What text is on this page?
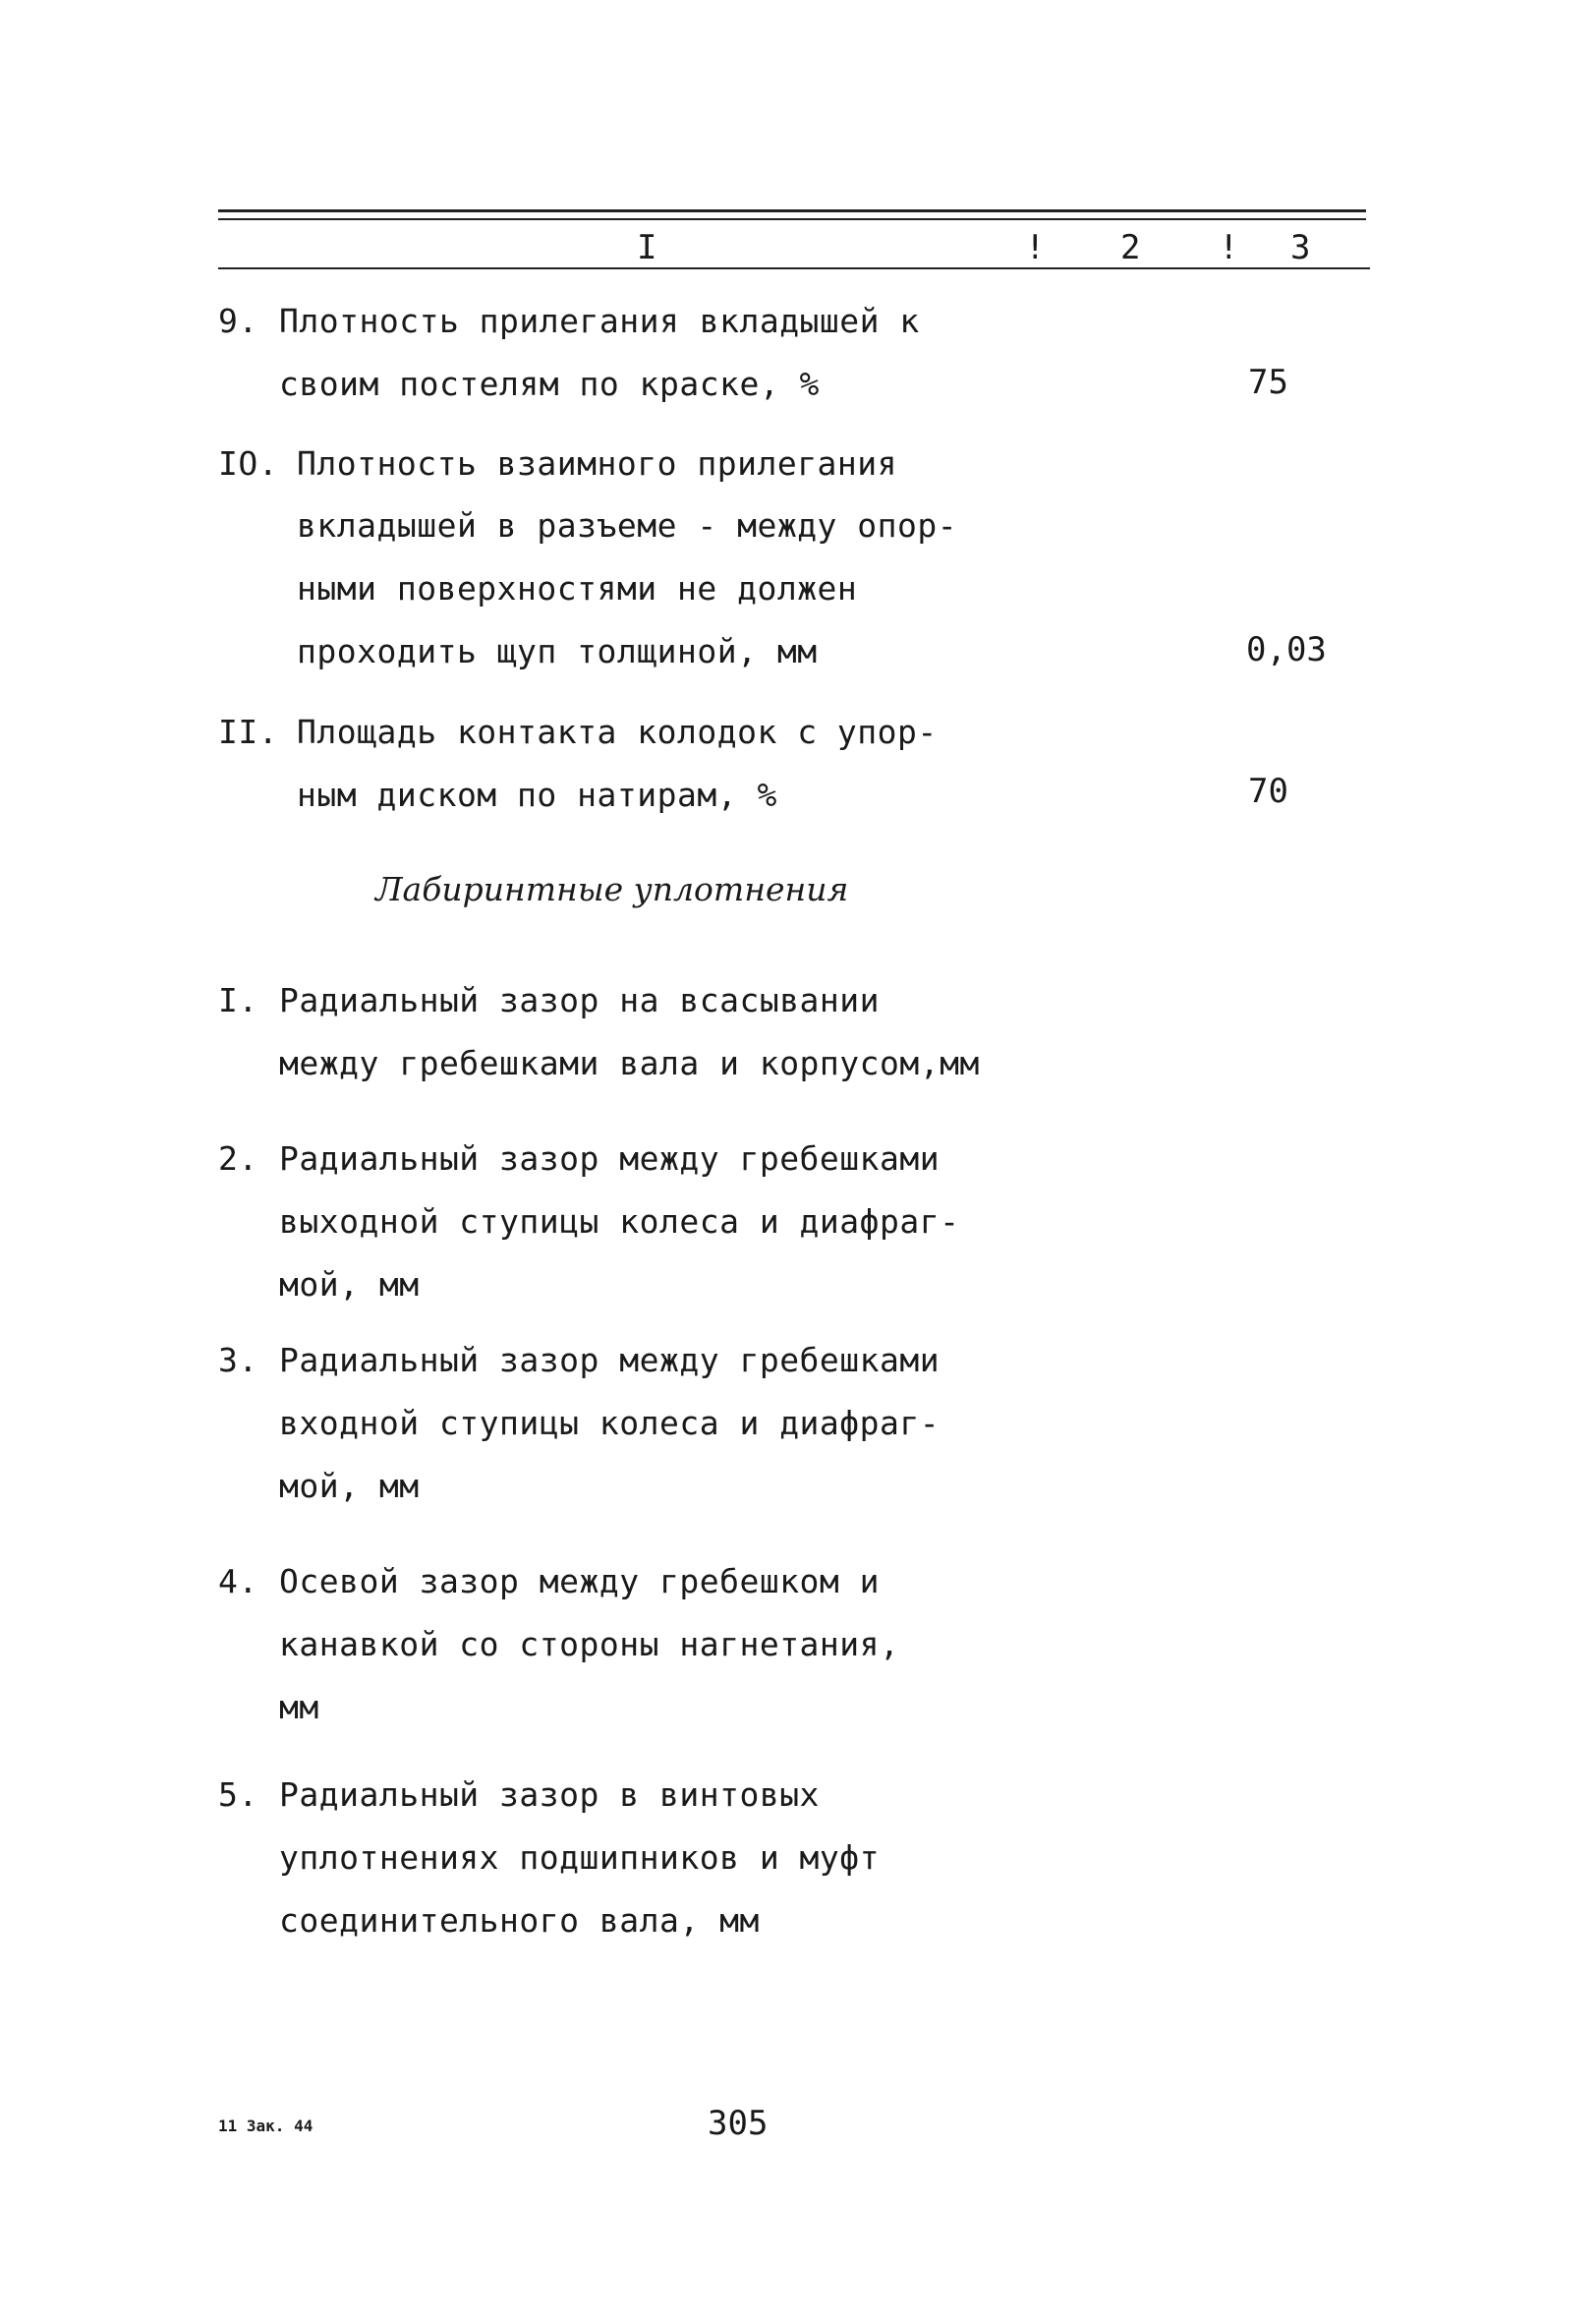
I	! 2 ! 3
9. Плотность прилегания вкладышей к
своим постелям по краске, %	75
IO. Плотность взаимного прилегания
вкладышей в разъеме - между опор-
ными поверхностями не должен
проходить щуп толщиной, мм	0,03
II. Площадь контакта колодок с упор-
ным диском по натирам, %	70
Лабиринтные уплотнения
I. Радиальный зазор на всасывании
между гребешками вала и корпусом,мм
2. Радиальный зазор между гребешками
выходной ступицы колеса и диафраг-
мой, мм
3. Радиальный зазор между гребешками
входной ступицы колеса и диафраг-
мой, мм
4. Осевой зазор между гребешком и
канавкой со стороны нагнетания,
мм
5. Радиальный зазор в винтовых
уплотнениях подшипников и муфт
соединительного вала, мм
11 Зак. 44	305
